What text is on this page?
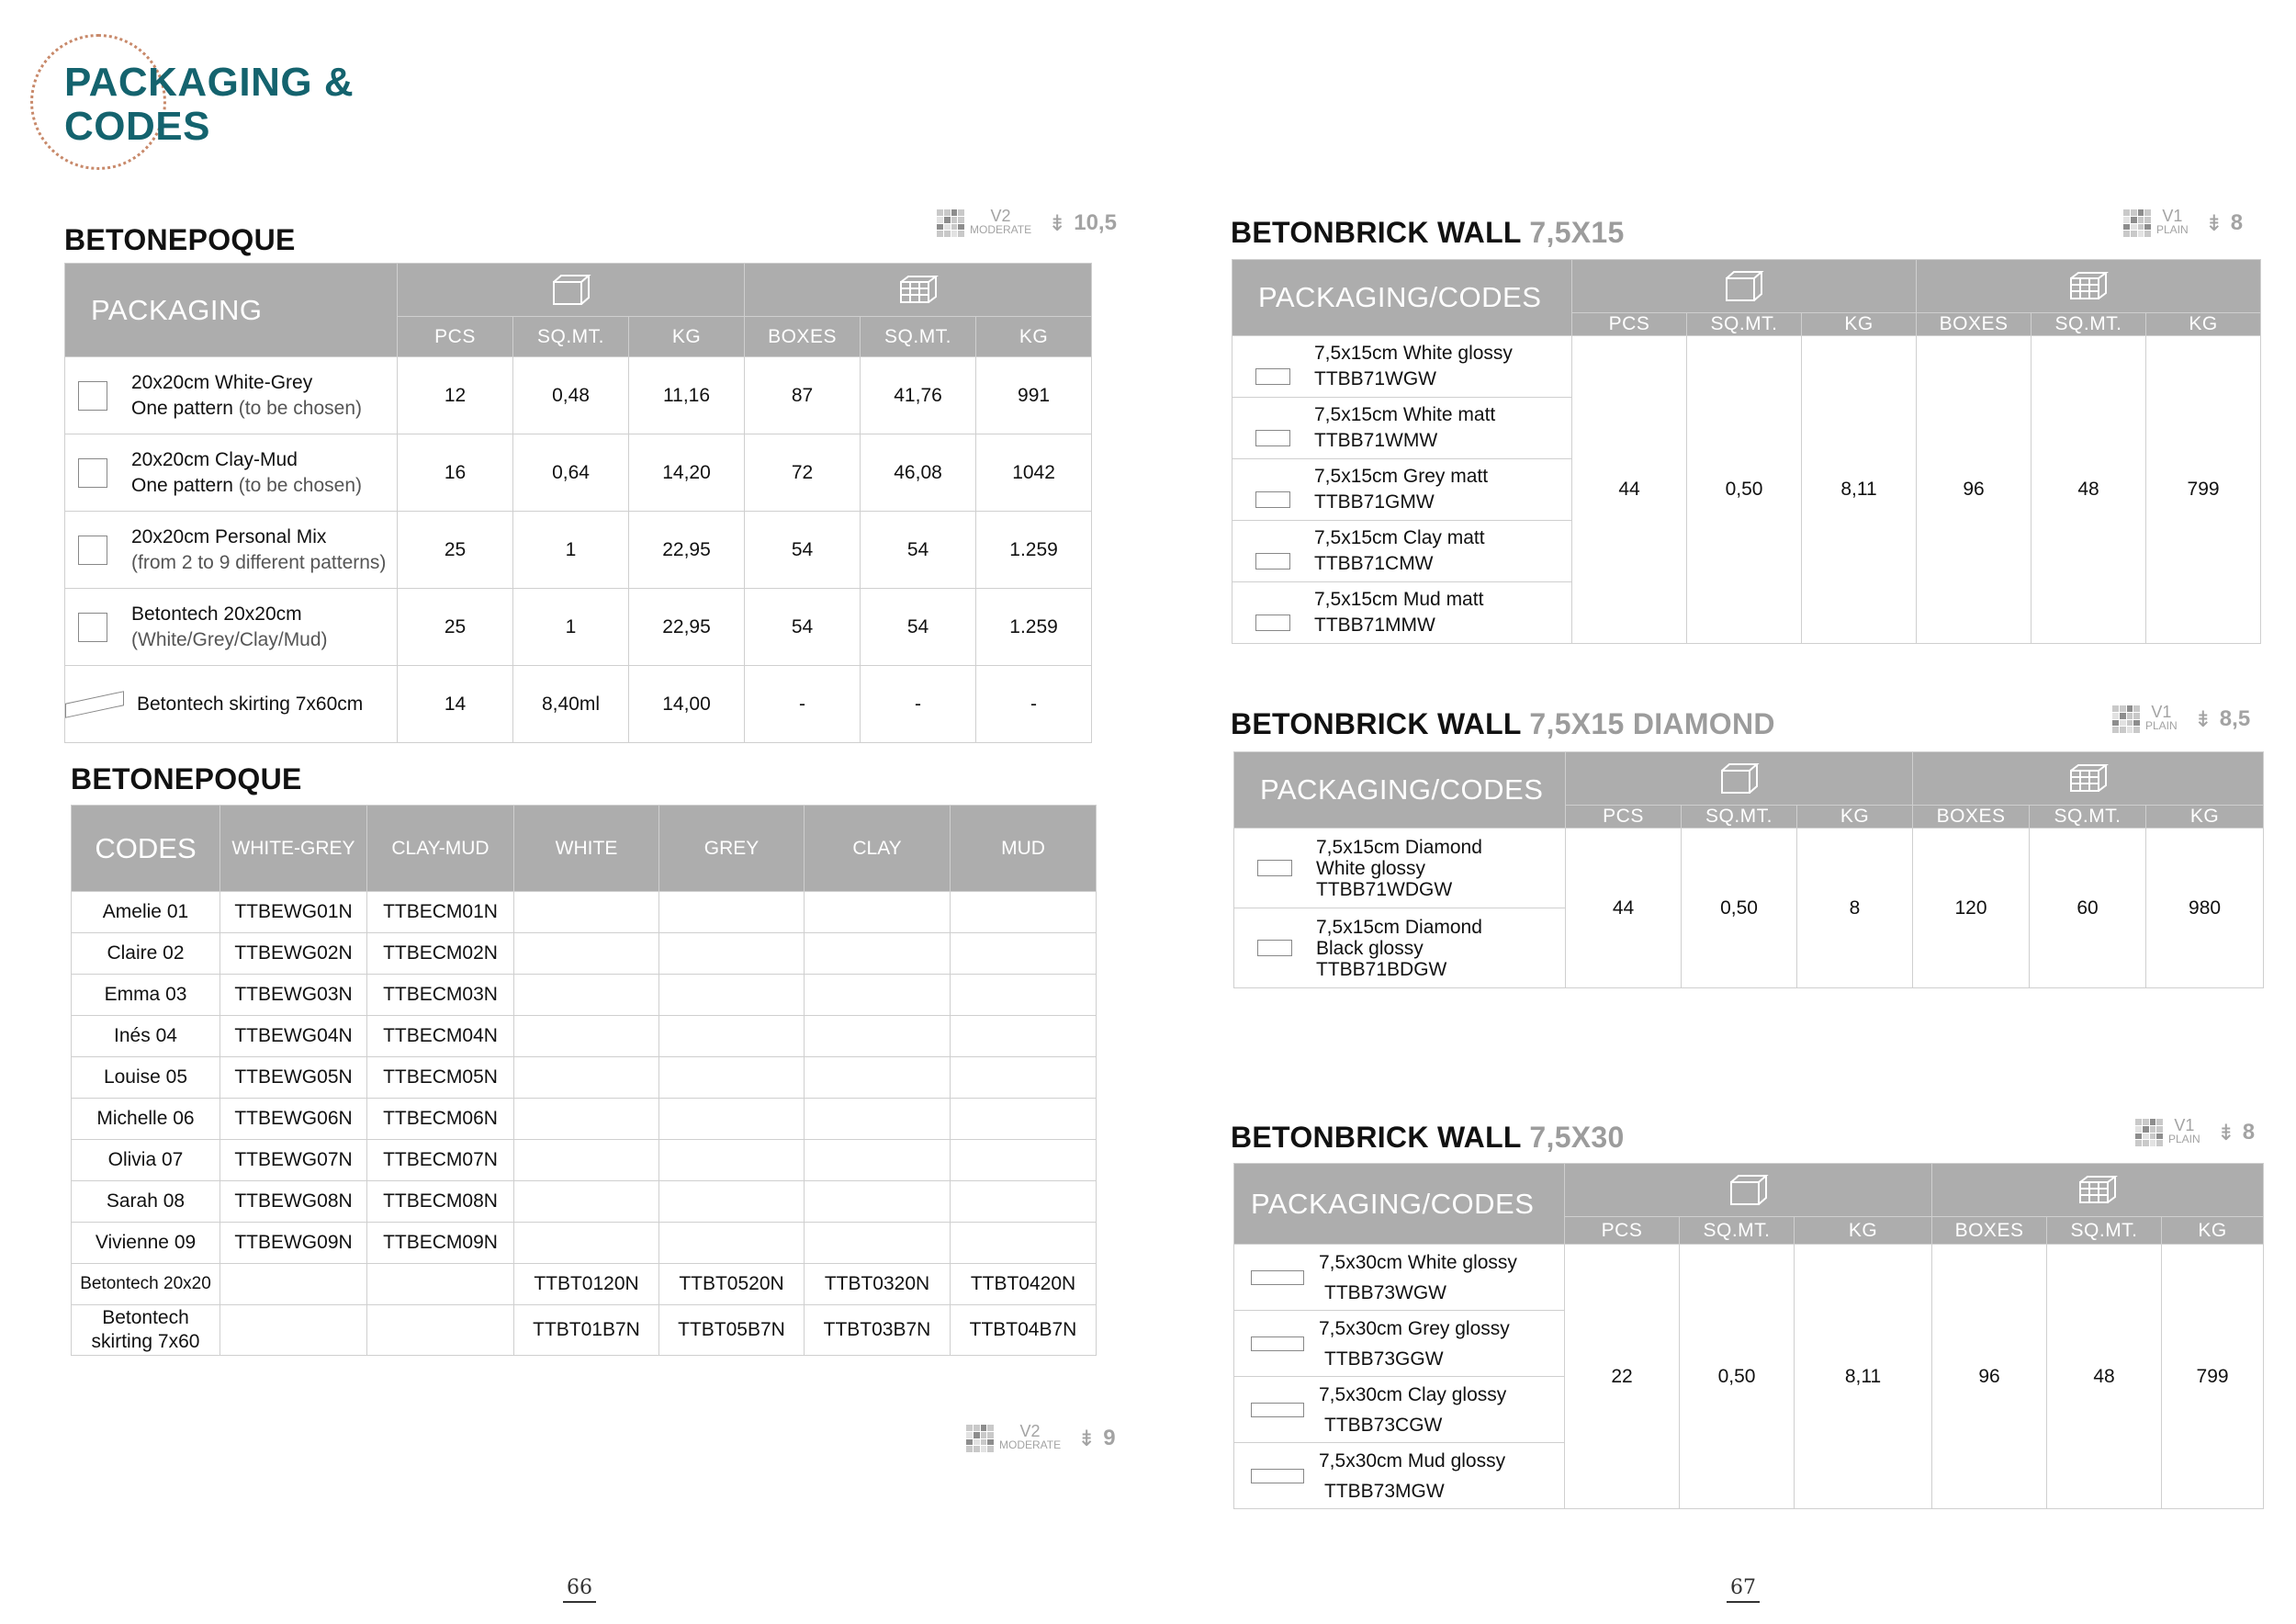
PACKAGING &
CODES
BETONEPOQUE
V2
MODERATE ⇟ 10,5
PACKAGING	

	PCS	SQ.MT.	KG	BOXES	SQ.MT.	KG

20x20cm White-Grey
One pattern (to be chosen)	12	0,48	11,16	87	41,76	991

20x20cm Clay-Mud
One pattern (to be chosen)	16	0,64	14,20	72	46,08	1042

20x20cm Personal Mix
(from 2 to 9 different patterns)	25	1	22,95	54	54	1.259

Betontech 20x20cm
(White/Grey/Clay/Mud)	25	1	22,95	54	54	1.259

Betontech skirting 7x60cm	14	8,40ml	14,00	-	-	-
BETONEPOQUE
CODES	WHITE-GREY	CLAY-MUD	WHITE	GREY	CLAY	MUD
Amelie 01	TTBEWG01N	TTBECM01N				
Claire 02	TTBEWG02N	TTBECM02N				
Emma 03	TTBEWG03N	TTBECM03N				
Inés 04	TTBEWG04N	TTBECM04N				
Louise 05	TTBEWG05N	TTBECM05N				
Michelle 06	TTBEWG06N	TTBECM06N				
Olivia 07	TTBEWG07N	TTBECM07N				
Sarah 08	TTBEWG08N	TTBECM08N				
Vivienne 09	TTBEWG09N	TTBECM09N				
Betontech 20x20			TTBT0120N	TTBT0520N	TTBT0320N	TTBT0420N
Betontech skirting 7x60			TTBT01B7N	TTBT05B7N	TTBT03B7N	TTBT04B7N
V2
MODERATE ⇟ 9
66
BETONBRICK WALL 7,5X15	V1
PLAIN ⇟ 8
PACKAGING/CODES	

	PCS	SQ.MT.	KG	BOXES	SQ.MT.	KG

7,5x15cm White glossy
TTBB71WGW	44	0,50	8,11	96	48	799

7,5x15cm White matt
TTBB71WMW						

7,5x15cm Grey matt
TTBB71GMW						

7,5x15cm Clay matt
TTBB71CMW						

7,5x15cm Mud matt
TTBB71MMW						
BETONBRICK WALL 7,5X15 DIAMOND	V1
PLAIN ⇟ 8,5
PACKAGING/CODES	

	PCS	SQ.MT.	KG	BOXES	SQ.MT.	KG

7,5x15cm Diamond
White glossy
TTBB71WDGW	44	0,50	8	120	60	980

7,5x15cm Diamond
Black glossy
TTBB71BDGW						
BETONBRICK WALL 7,5X30	V1
PLAIN ⇟ 8
PACKAGING/CODES	

	PCS	SQ.MT.	KG	BOXES	SQ.MT.	KG

7,5x30cm White glossy
TTBB73WGW	22	0,50	8,11	96	48	799

7,5x30cm Grey glossy
TTBB73GGW						

7,5x30cm Clay glossy
TTBB73CGW						

7,5x30cm Mud glossy
TTBB73MGW						
67
